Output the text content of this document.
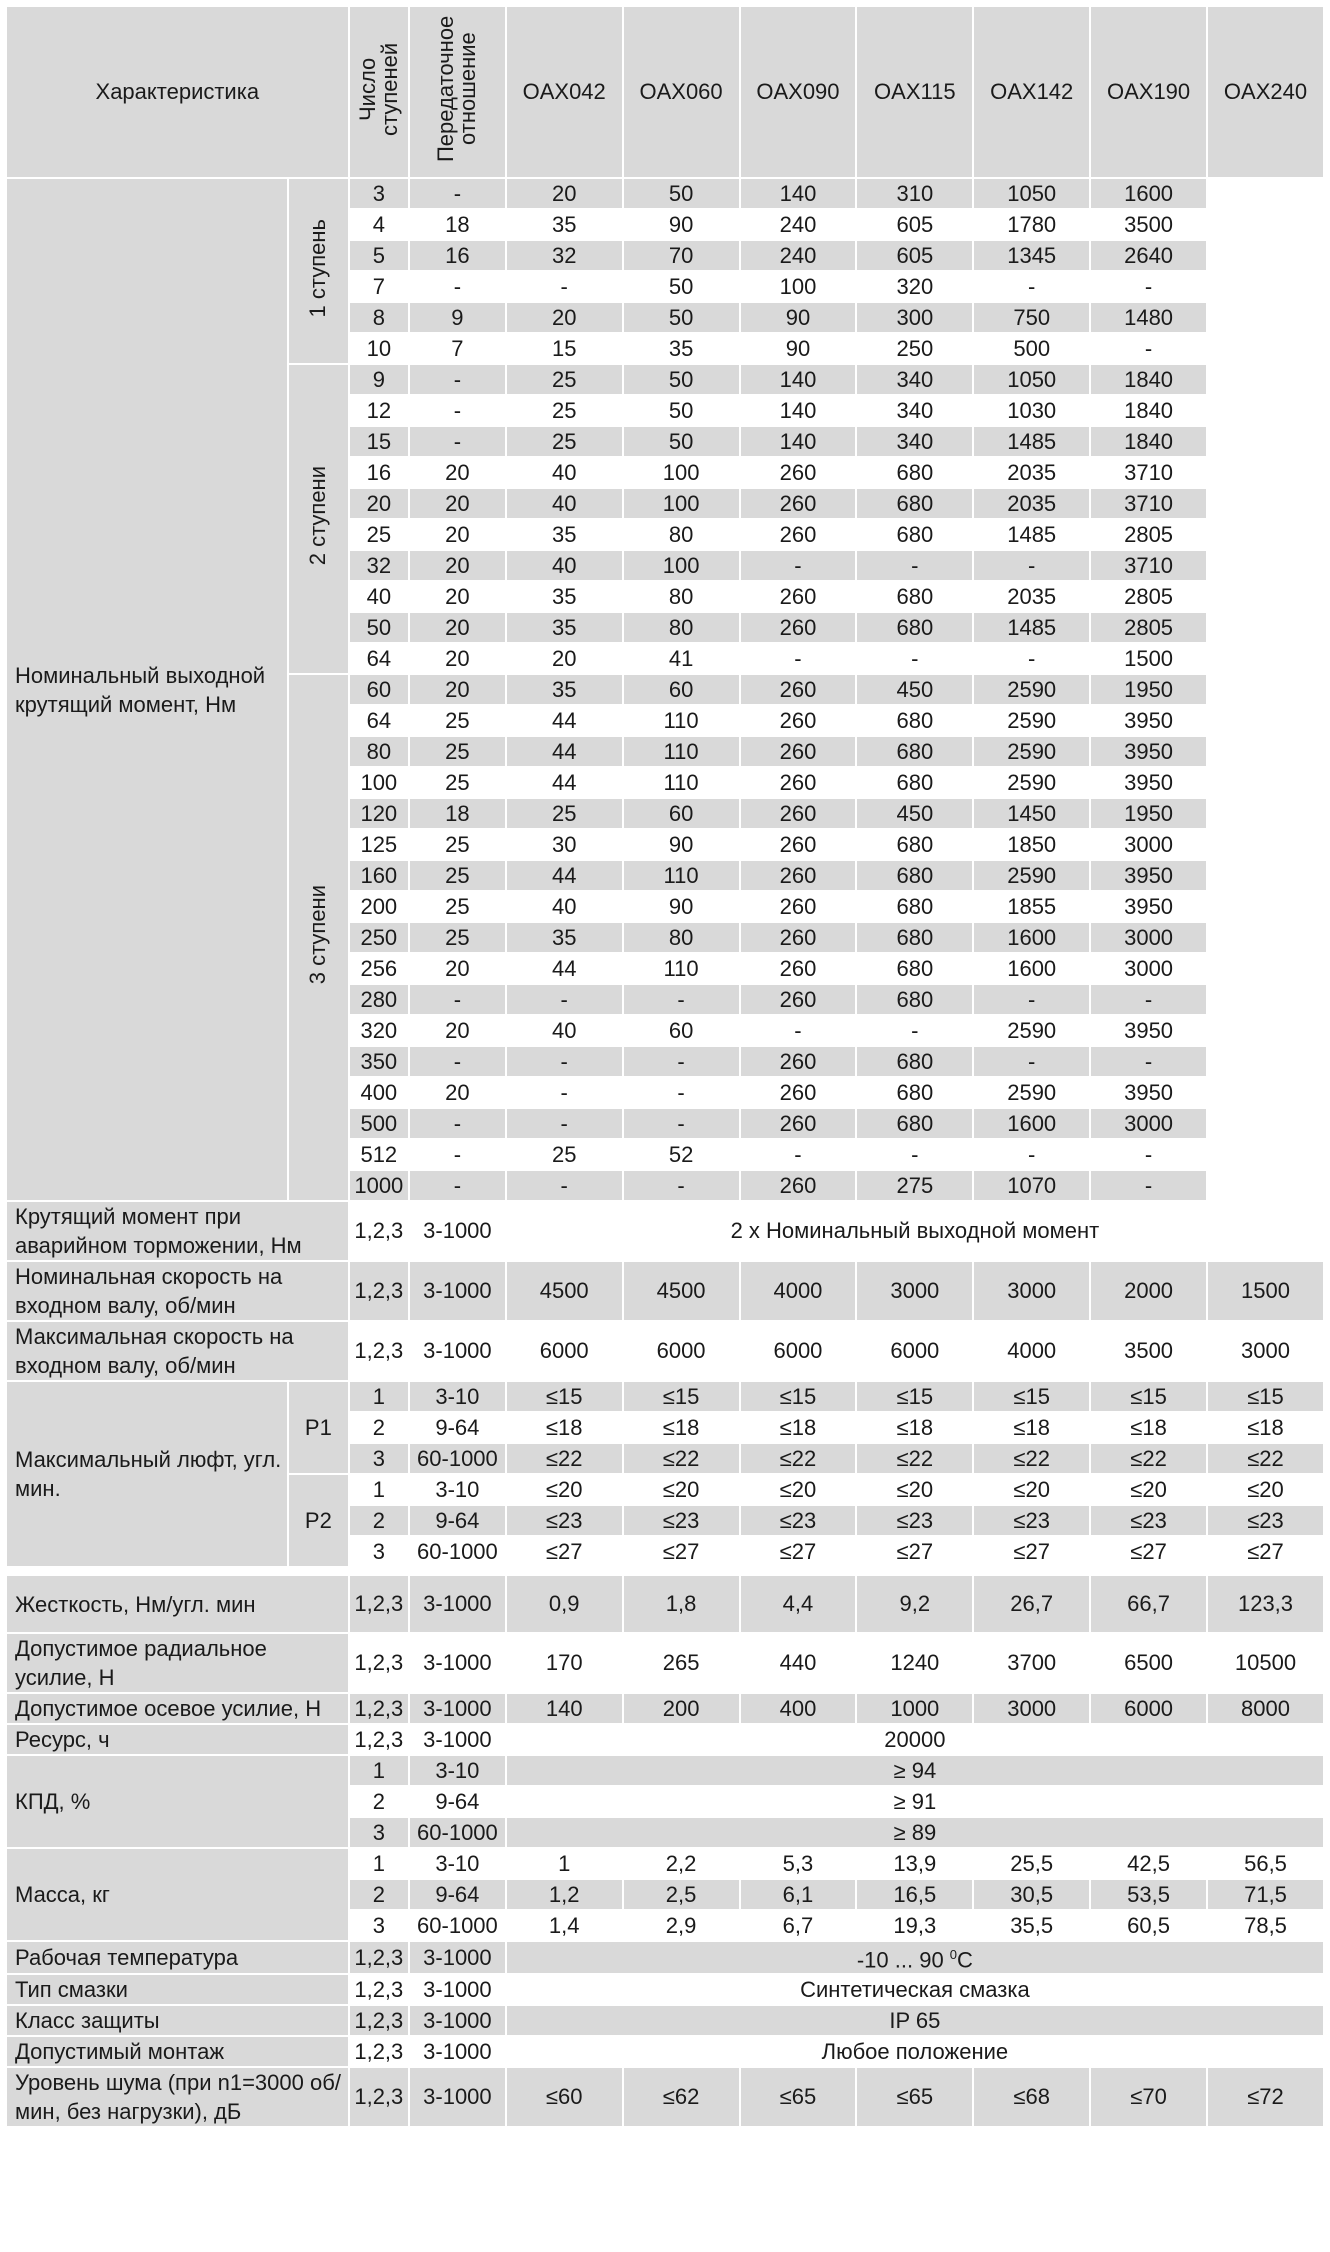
Характеристика		Число ступеней	Передаточное отношение	OAX042	OAX060	OAX090	OAX115	OAX142	OAX190	OAX240
Номинальный выходной крутящий момент, Нм	1 ступень	3	-	20	50	140	310	1050	1600	
		4	18	35	90	240	605	1780	3500	
		5	16	32	70	240	605	1345	2640	
		7	-	-	50	100	320	-	-	
		8	9	20	50	90	300	750	1480	
		10	7	15	35	90	250	500	-	
	2 ступени	9	-	25	50	140	340	1050	1840	
		12	-	25	50	140	340	1030	1840	
		15	-	25	50	140	340	1485	1840	
		16	20	40	100	260	680	2035	3710	
		20	20	40	100	260	680	2035	3710	
		25	20	35	80	260	680	1485	2805	
		32	20	40	100	-	-	-	3710	
		40	20	35	80	260	680	2035	2805	
		50	20	35	80	260	680	1485	2805	
		64	20	20	41	-	-	-	1500	
	3 ступени	60	20	35	60	260	450	2590	1950	
		64	25	44	110	260	680	2590	3950	
		80	25	44	110	260	680	2590	3950	
		100	25	44	110	260	680	2590	3950	
		120	18	25	60	260	450	1450	1950	
		125	25	30	90	260	680	1850	3000	
		160	25	44	110	260	680	2590	3950	
		200	25	40	90	260	680	1855	3950	
		250	25	35	80	260	680	1600	3000	
		256	20	44	110	260	680	1600	3000	
		280	-	-	-	260	680	-	-	
		320	20	40	60	-	-	2590	3950	
		350	-	-	-	260	680	-	-	
		400	20	-	-	260	680	2590	3950	
		500	-	-	-	260	680	1600	3000	
		512	-	25	52	-	-	-	-	
		1000	-	-	-	260	275	1070	-	
Крутящий момент при аварийном торможении, Нм		1,2,3	3-1000	2 х Номинальный выходной момент						
Номинальная скорость на входном валу, об/мин		1,2,3	3-1000	4500	4500	4000	3000	3000	2000	1500
Максимальная скорость на входном валу, об/мин		1,2,3	3-1000	6000	6000	6000	6000	4000	3500	3000
Максимальный люфт, угл. мин.	P1	1	3-10	≤15	≤15	≤15	≤15	≤15	≤15	≤15
		2	9-64	≤18	≤18	≤18	≤18	≤18	≤18	≤18
		3	60-1000	≤22	≤22	≤22	≤22	≤22	≤22	≤22
	P2	1	3-10	≤20	≤20	≤20	≤20	≤20	≤20	≤20
		2	9-64	≤23	≤23	≤23	≤23	≤23	≤23	≤23
		3	60-1000	≤27	≤27	≤27	≤27	≤27	≤27	≤27

Жесткость, Нм/угл. мин		1,2,3	3-1000	0,9	1,8	4,4	9,2	26,7	66,7	123,3
Допустимое радиальное усилие, Н		1,2,3	3-1000	170	265	440	1240	3700	6500	10500
Допустимое осевое усилие, Н		1,2,3	3-1000	140	200	400	1000	3000	6000	8000
Ресурс, ч		1,2,3	3-1000	20000						
КПД, %		1	3-10	≥ 94						
		2	9-64	≥ 91						
		3	60-1000	≥ 89						
Масса, кг		1	3-10	1	2,2	5,3	13,9	25,5	42,5	56,5
		2	9-64	1,2	2,5	6,1	16,5	30,5	53,5	71,5
		3	60-1000	1,4	2,9	6,7	19,3	35,5	60,5	78,5
Рабочая температура		1,2,3	3-1000	-10 ... 90 $^0$C						
Тип смазки		1,2,3	3-1000	Синтетическая смазка						
Класс защиты		1,2,3	3-1000	IP 65						
Допустимый монтаж		1,2,3	3-1000	Любое положение						
Уровень шума (при n1=3000 об/мин, без нагрузки), дБ		1,2,3	3-1000	≤60	≤62	≤65	≤65	≤68	≤70	≤72
